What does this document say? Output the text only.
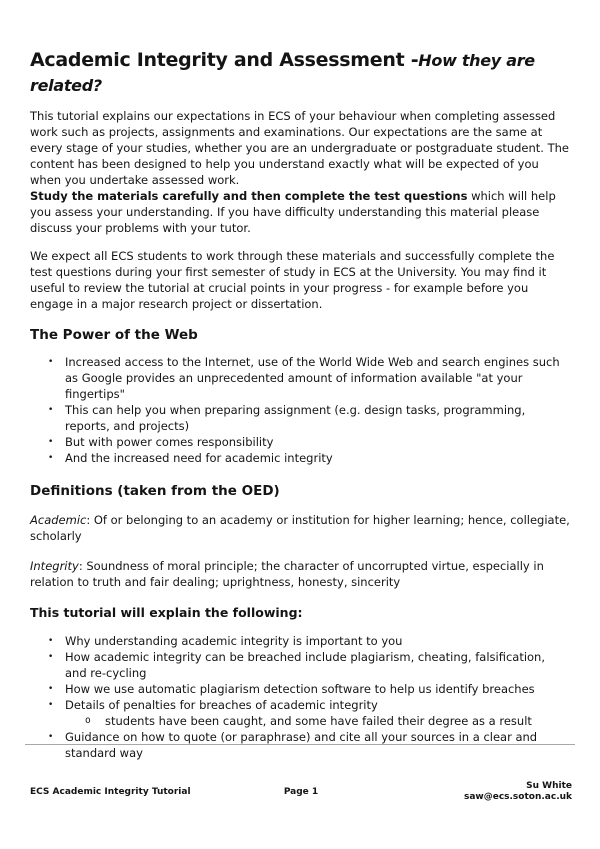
Academic Integrity and Assessment -How they are related?

This tutorial explains our expectations in ECS of your behaviour when completing assessed work such as projects, assignments and examinations. Our expectations are the same at every stage of your studies, whether you are an undergraduate or postgraduate student. The content has been designed to help you understand exactly what will be expected of you when you undertake assessed work.
Study the materials carefully and then complete the test questions which will help you assess your understanding. If you have difficulty understanding this material please discuss your problems with your tutor.

We expect all ECS students to work through these materials and successfully complete the test questions during your first semester of study in ECS at the University. You may find it useful to review the tutorial at crucial points in your progress - for example before you engage in a major research project or dissertation.

The Power of the Web
•	Increased access to the Internet, use of the World Wide Web and search engines such as Google provides an unprecedented amount of information available "at your fingertips"
•	This can help you when preparing assignment (e.g. design tasks, programming, reports, and projects)
•	But with power comes responsibility
•	And the increased need for academic integrity
Definitions (taken from the OED)

Academic: Of or belonging to an academy or institution for higher learning; hence, collegiate, scholarly

Integrity: Soundness of moral principle; the character of uncorrupted virtue, especially in relation to truth and fair dealing; uprightness, honesty, sincerity

This tutorial will explain the following:
•	Why understanding academic integrity is important to you
•	How academic integrity can be breached include plagiarism, cheating, falsification, and re-cycling
•	How we use automatic plagiarism detection software to help us identify breaches
•	Details of penalties for breaches of academic integrity
o	students have been caught, and some have failed their degree as a result
•	Guidance on how to quote (or paraphrase) and cite all your sources in a clear and standard way
ECS Academic Integrity Tutorial	Page 1
Su White
saw@ecs.soton.ac.uk
